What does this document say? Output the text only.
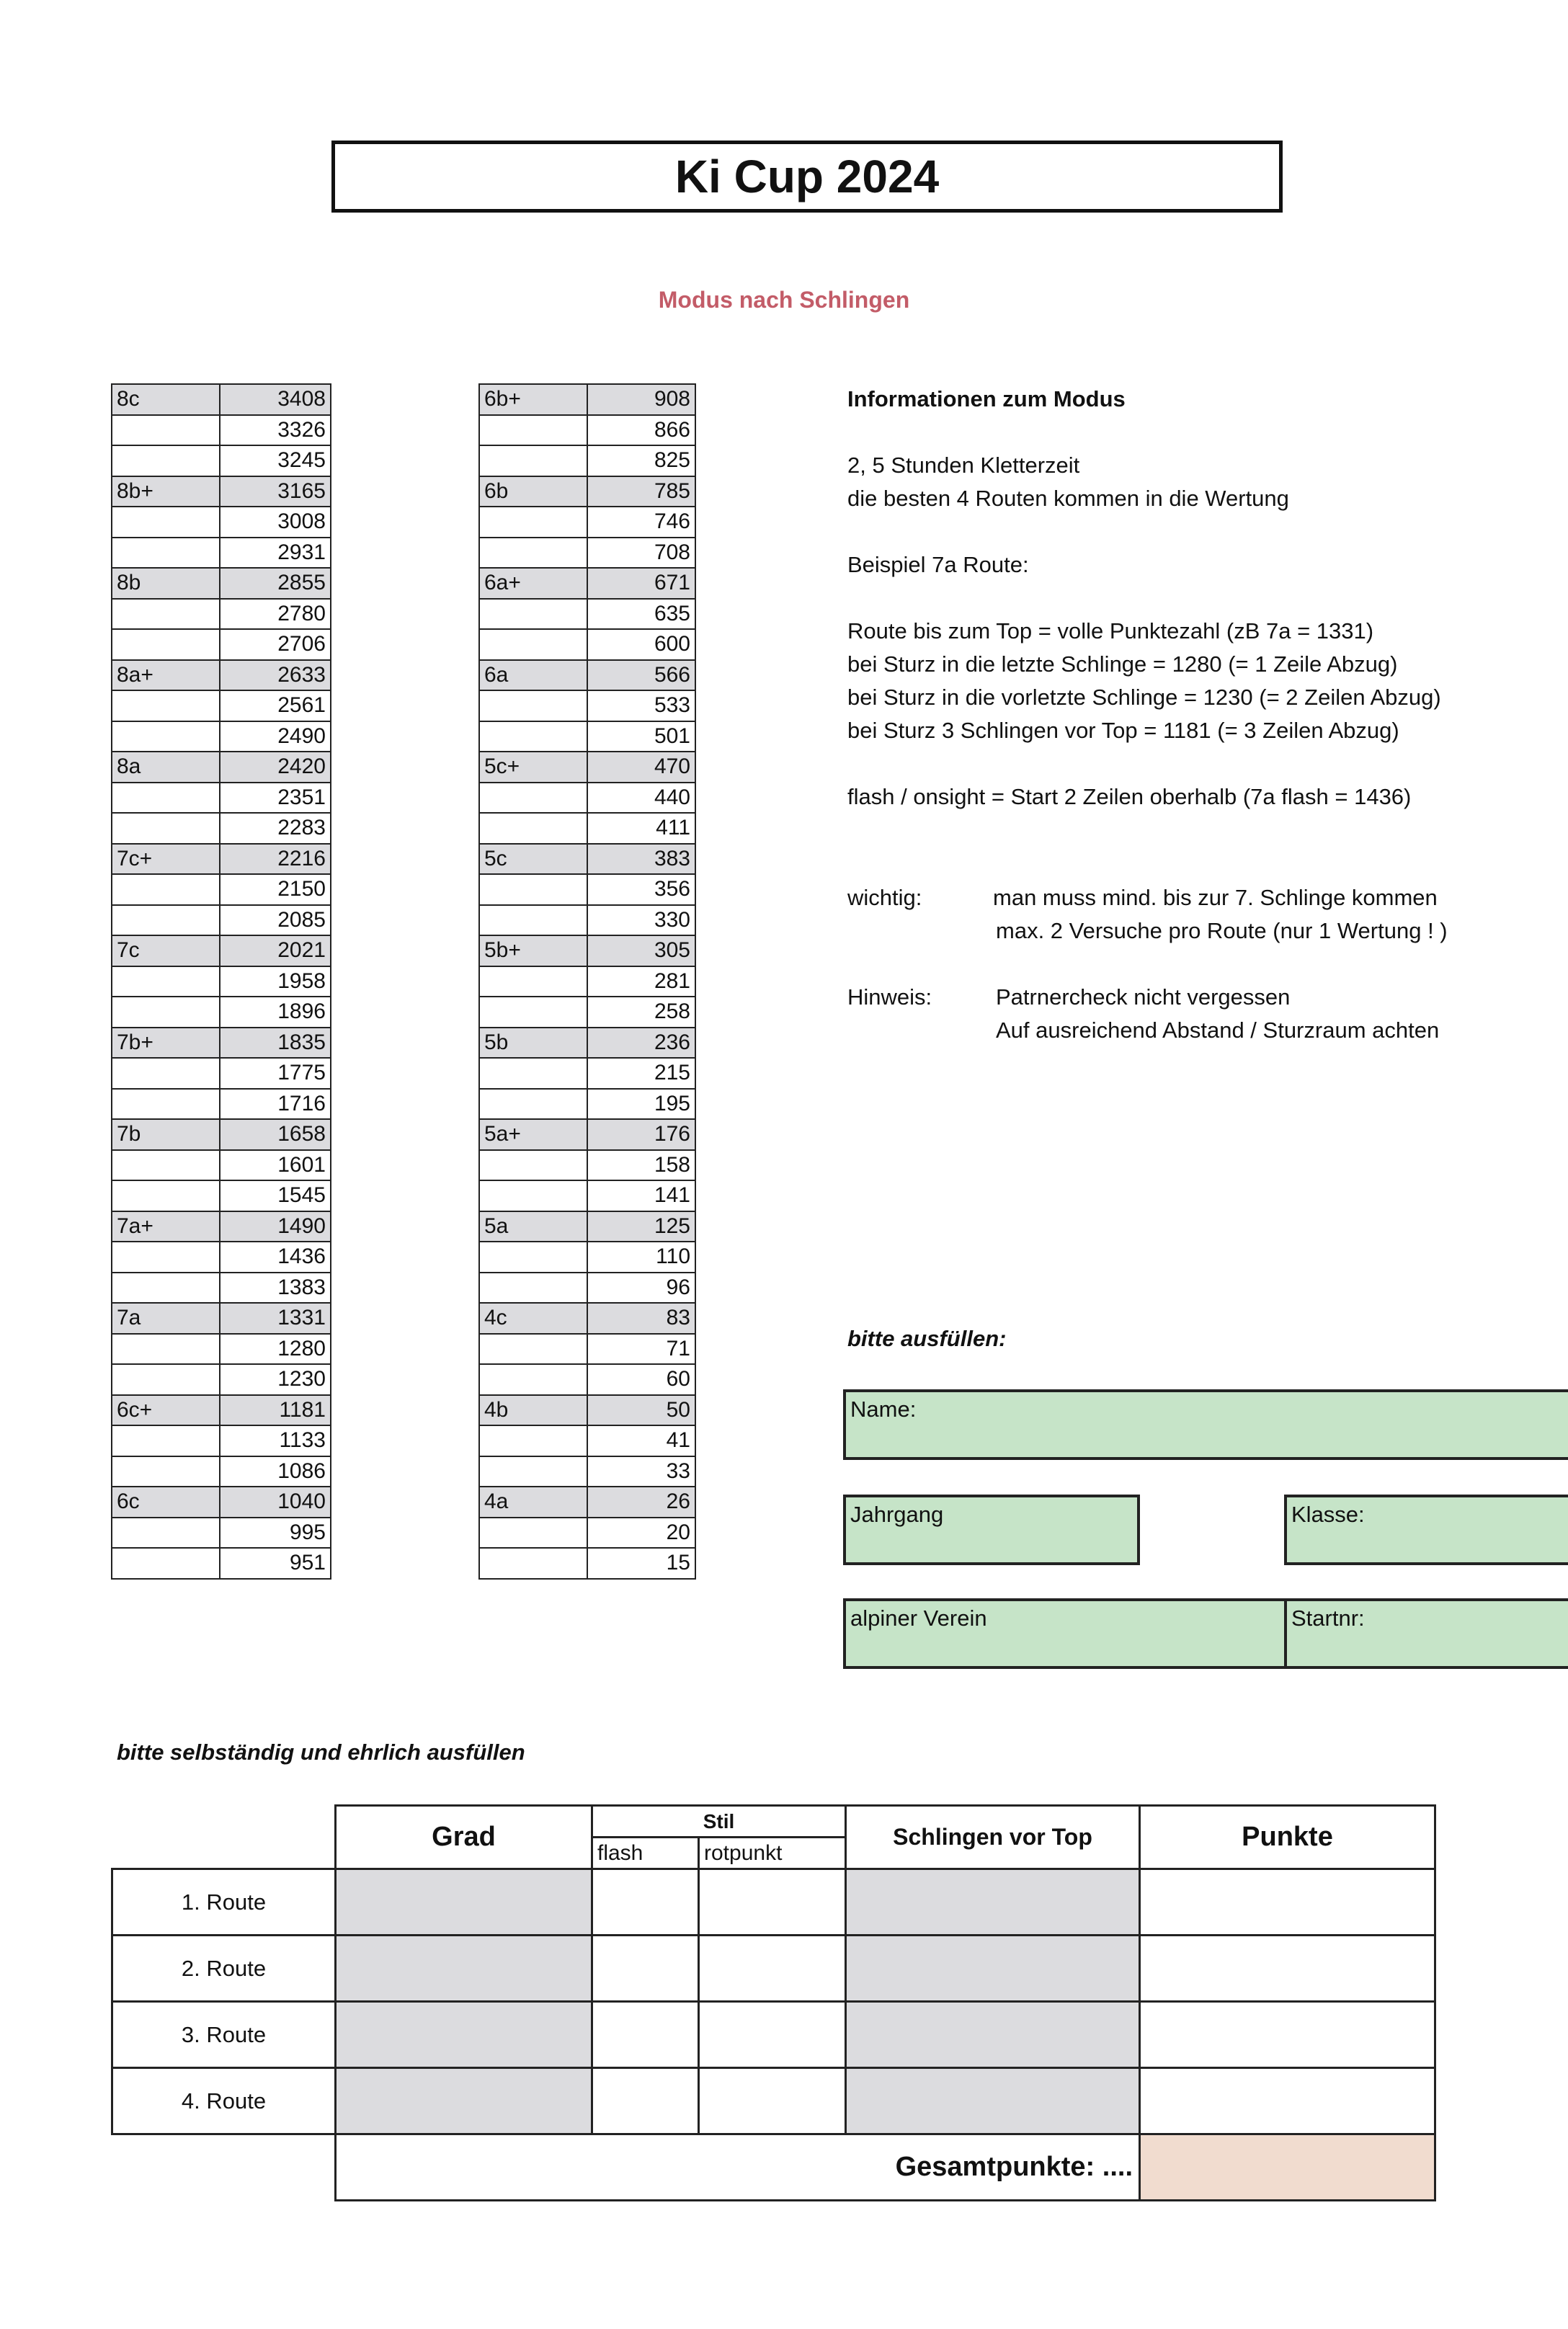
Ki Cup 2024
Modus nach Schlingen
8c	3408
	3326
	3245
8b+	3165
	3008
	2931
8b	2855
	2780
	2706
8a+	2633
	2561
	2490
8a	2420
	2351
	2283
7c+	2216
	2150
	2085
7c	2021
	1958
	1896
7b+	1835
	1775
	1716
7b	1658
	1601
	1545
7a+	1490
	1436
	1383
7a	1331
	1280
	1230
6c+	1181
	1133
	1086
6c	1040
	995
	951
6b+	908
	866
	825
6b	785
	746
	708
6a+	671
	635
	600
6a	566
	533
	501
5c+	470
	440
	411
5c	383
	356
	330
5b+	305
	281
	258
5b	236
	215
	195
5a+	176
	158
	141
5a	125
	110
	96
4c	83
	71
	60
4b	50
	41
	33
4a	26
	20
	15
Informationen zum Modus
2, 5 Stunden Kletterzeit
die besten 4 Routen kommen in die Wertung
Beispiel 7a Route:
Route bis zum Top = volle Punktezahl (zB 7a = 1331)
bei Sturz in die letzte Schlinge = 1280 (= 1 Zeile Abzug)
bei Sturz in die vorletzte Schlinge = 1230 (= 2 Zeilen Abzug)
bei Sturz 3 Schlingen vor Top = 1181 (= 3 Zeilen Abzug)
flash / onsight = Start 2 Zeilen oberhalb (7a flash = 1436)
wichtig:	man muss mind. bis zur 7. Schlinge kommen
max. 2 Versuche pro Route (nur 1 Wertung ! )
Hinweis:	Patrnercheck nicht vergessen
Auf ausreichend Abstand / Sturzraum achten
bitte ausfüllen:
Name:
Jahrgang	Klasse:
alpiner Verein	Startnr:
bitte selbständig und ehrlich ausfüllen
	Grad	Stil		Schlingen vor Top	Punkte
		flash	rotpunkt		
1. Route					
2. Route					
3. Route					
4. Route					
	Gesamtpunkte: ....				
